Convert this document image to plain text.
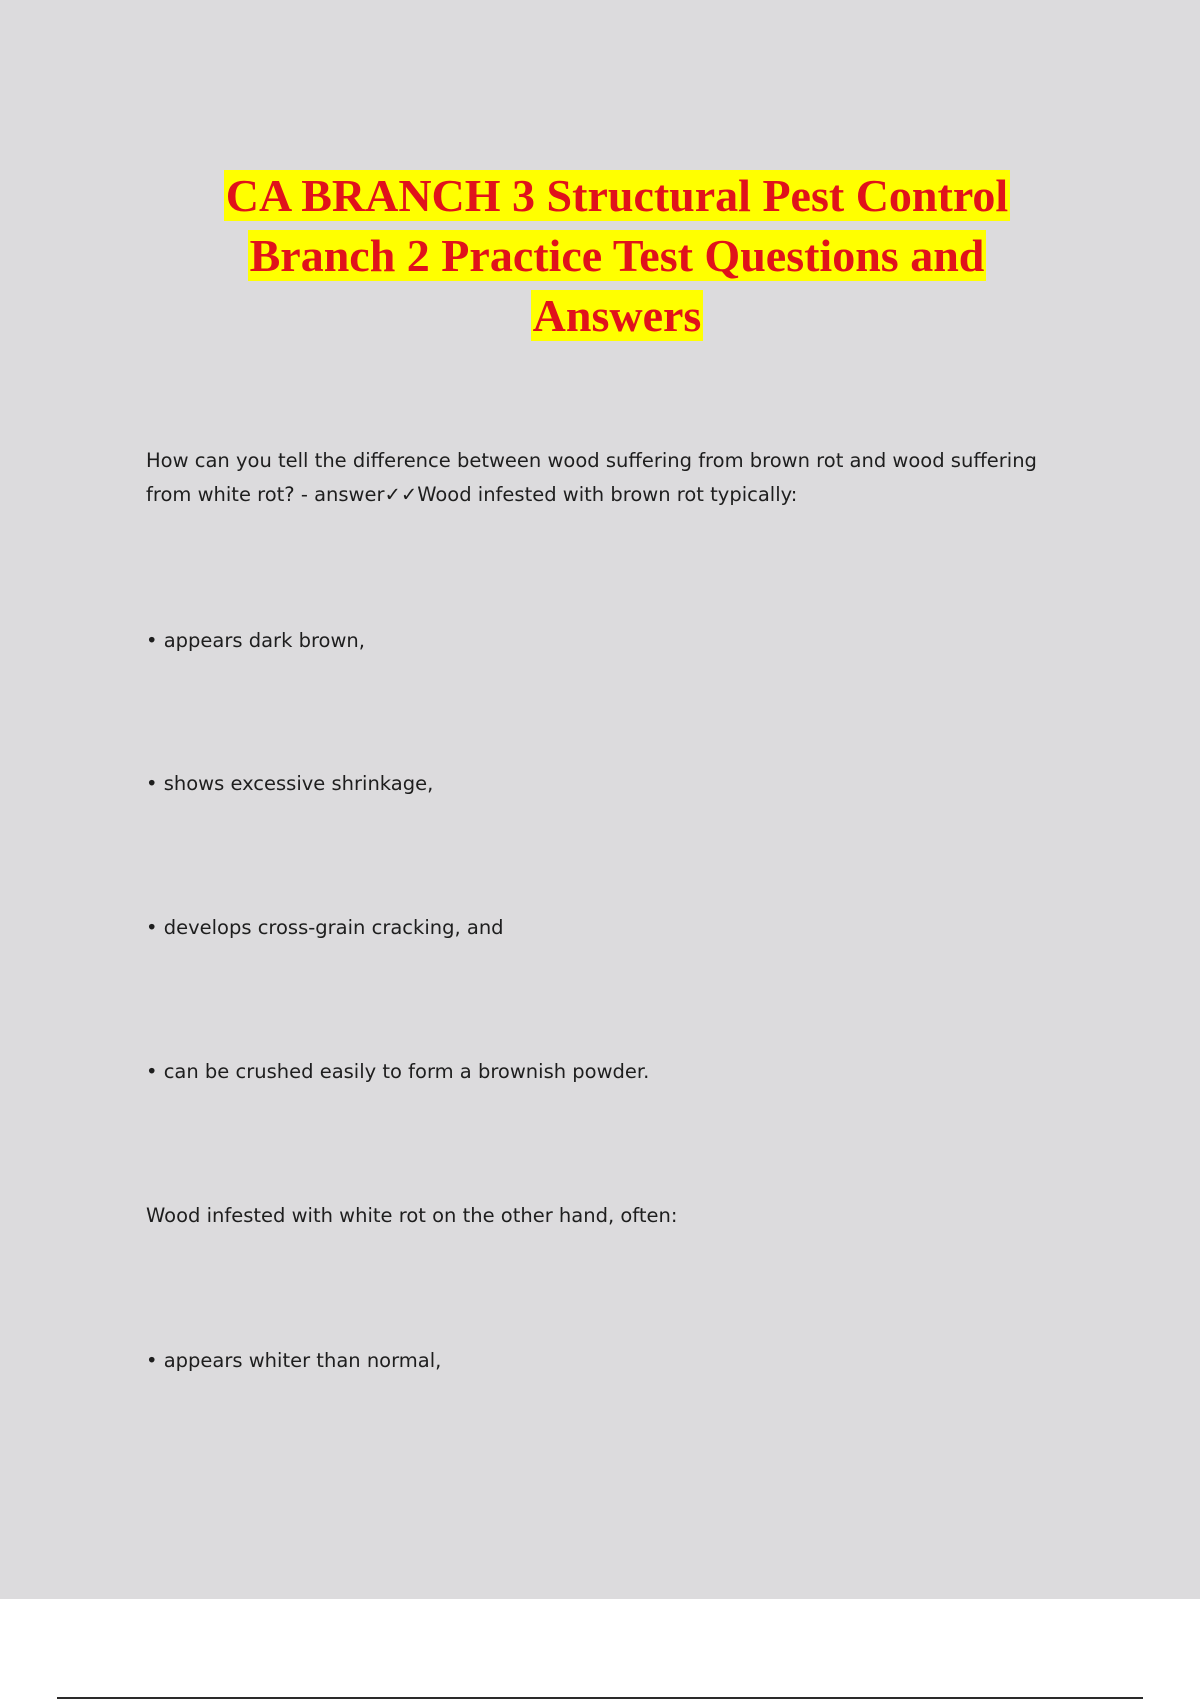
CA BRANCH 3 Structural Pest Control
Branch 2 Practice Test Questions and
Answers

How can you tell the difference between wood suffering from brown rot and wood suffering
from white rot? - answer✓✓Wood infested with brown rot typically:

• appears dark brown,

• shows excessive shrinkage,

• develops cross-grain cracking, and

• can be crushed easily to form a brownish powder.

Wood infested with white rot on the other hand, often:

• appears whiter than normal,
